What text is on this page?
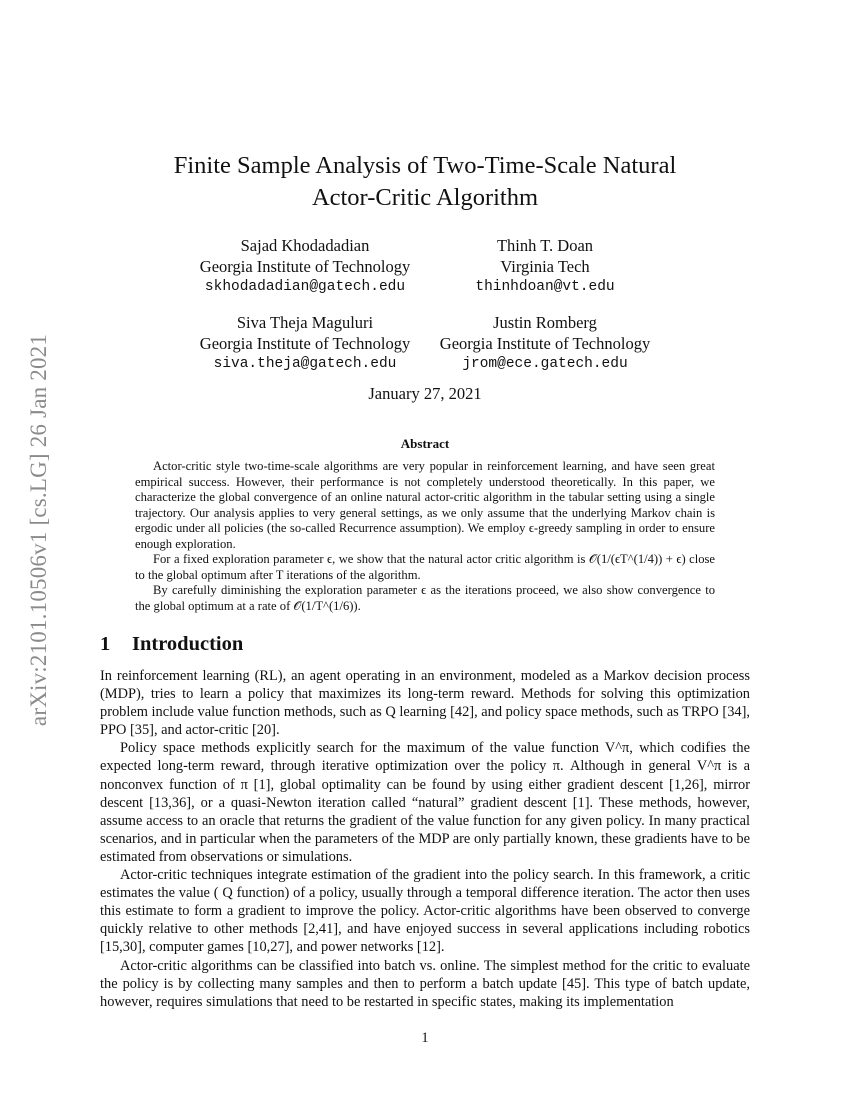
arXiv:2101.10506v1 [cs.LG] 26 Jan 2021
Finite Sample Analysis of Two-Time-Scale Natural
Actor-Critic Algorithm
Sajad Khodadadian
Georgia Institute of Technology
skhodadadian@gatech.edu
Thinh T. Doan
Virginia Tech
thinhdoan@vt.edu
Siva Theja Maguluri
Georgia Institute of Technology
siva.theja@gatech.edu
Justin Romberg
Georgia Institute of Technology
jrom@ece.gatech.edu
January 27, 2021
Abstract

Actor-critic style two-time-scale algorithms are very popular in reinforcement learning, and have seen great empirical success. However, their performance is not completely understood theoretically. In this paper, we characterize the global convergence of an online natural actor-critic algorithm in the tabular setting using a single trajectory. Our analysis applies to very general settings, as we only assume that the underlying Markov chain is ergodic under all policies (the so-called Recurrence assumption). We employ ϵ-greedy sampling in order to ensure enough exploration.

For a fixed exploration parameter ϵ, we show that the natural actor critic algorithm is 𝒪(1/(ϵT^(1/4)) + ϵ) close to the global optimum after T iterations of the algorithm.

By carefully diminishing the exploration parameter ϵ as the iterations proceed, we also show convergence to the global optimum at a rate of 𝒪(1/T^(1/6)).

1 Introduction

In reinforcement learning (RL), an agent operating in an environment, modeled as a Markov decision process (MDP), tries to learn a policy that maximizes its long-term reward. Methods for solving this optimization problem include value function methods, such as Q learning [42], and policy space methods, such as TRPO [34], PPO [35], and actor-critic [20].

Policy space methods explicitly search for the maximum of the value function V^π, which codifies the expected long-term reward, through iterative optimization over the policy π. Although in general V^π is a nonconvex function of π [1], global optimality can be found by using either gradient descent [1,26], mirror descent [13,36], or a quasi-Newton iteration called “natural” gradient descent [1]. These methods, however, assume access to an oracle that returns the gradient of the value function for any given policy. In many practical scenarios, and in particular when the parameters of the MDP are only partially known, these gradients have to be estimated from observations or simulations.

Actor-critic techniques integrate estimation of the gradient into the policy search. In this framework, a critic estimates the value ( Q function) of a policy, usually through a temporal difference iteration. The actor then uses this estimate to form a gradient to improve the policy. Actor-critic algorithms have been observed to converge quickly relative to other methods [2,41], and have enjoyed success in several applications including robotics [15,30], computer games [10,27], and power networks [12].

Actor-critic algorithms can be classified into batch vs. online. The simplest method for the critic to evaluate the policy is by collecting many samples and then to perform a batch update [45]. This type of batch update, however, requires simulations that need to be restarted in specific states, making its implementation

1
